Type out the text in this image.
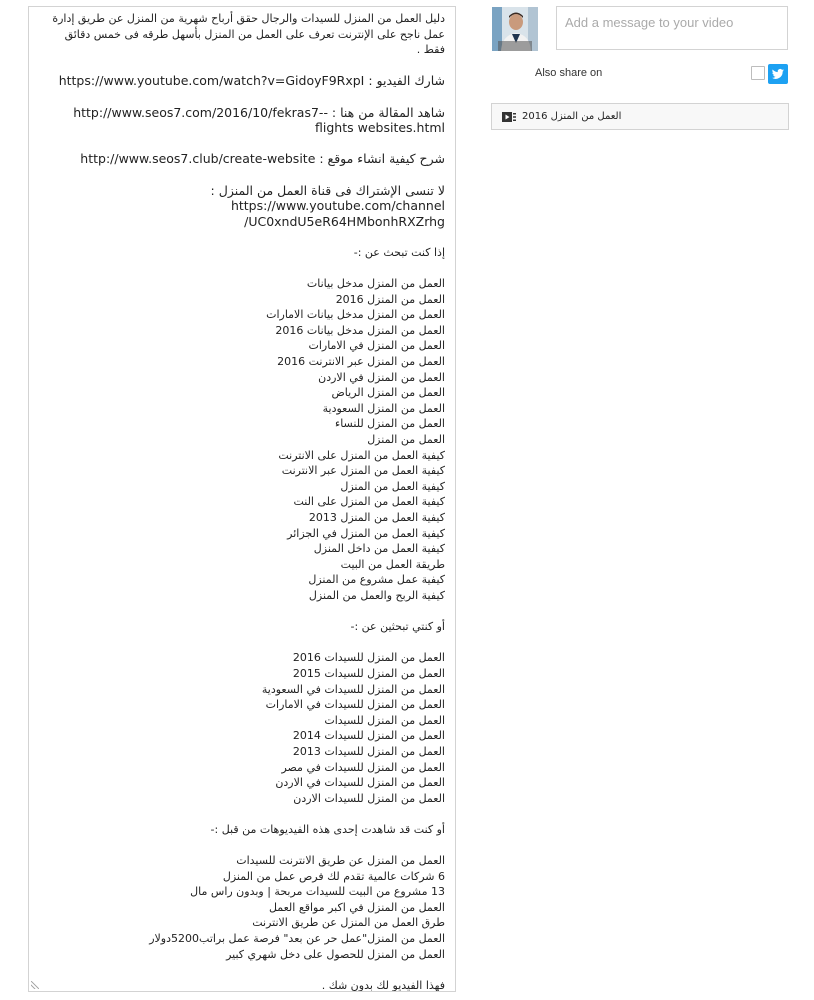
دليل العمل من المنزل للسيدات والرجال حقق أرباح شهرية من المنزل عن طريق إدارة عمل ناجح على الإنترنت تعرف على العمل من المنزل بأسهل طرقه فى خمس دقائق فقط .
شارك الفيديو : https://www.youtube.com/watch?v=GidoyF9RxpI
شاهد المقالة من هنا : -http://www.seos7.com/2016/10/fekras7-flights websites.html
شرح كيفية انشاء موقع : http://www.seos7.club/create-website
لا تنسى الإشتراك فى قناة العمل من المنزل : https://www.youtube.com/channel /UC0xndU5eR64HMbonhRXZrhg
إذا كنت تبحث عن :-
العمل من المنزل مدخل بيانات
العمل من المنزل 2016
العمل من المنزل مدخل بيانات الامارات
العمل من المنزل مدخل بيانات 2016
العمل من المنزل في الامارات
العمل من المنزل عبر الانترنت 2016
العمل من المنزل في الاردن
العمل من المنزل الرياض
العمل من المنزل السعودية
العمل من المنزل للنساء
العمل من المنزل
كيفية العمل من المنزل على الانترنت
كيفية العمل من المنزل عبر الانترنت
كيفية العمل من المنزل
كيفية العمل من المنزل على النت
كيفية العمل من المنزل 2013
كيفية العمل من المنزل في الجزائر
كيفية العمل من داخل المنزل
طريقة العمل من البيت
كيفية عمل مشروع من المنزل
كيفية الربح والعمل من المنزل
أو كنتي تبحثين عن :-
العمل من المنزل للسيدات 2016
العمل من المنزل للسيدات 2015
العمل من المنزل للسيدات في السعودية
العمل من المنزل للسيدات في الامارات
العمل من المنزل للسيدات
العمل من المنزل للسيدات 2014
العمل من المنزل للسيدات 2013
العمل من المنزل للسيدات في مصر
العمل من المنزل للسيدات في الاردن
العمل من المنزل للسيدات الاردن
أو كنت قد شاهدت إحدى هذه الفيديوهات من قبل :-
العمل من المنزل عن طريق الانترنت للسيدات
6 شركات عالمية تقدم لك فرص عمل من المنزل
13 مشروع من البيت للسيدات مربحة | وبدون راس مال
العمل من المنزل في اكبر مواقع العمل
طرق العمل من المنزل عن طريق الانترنت
العمل من المنزل"عمل حر عن بعد" فرصة عمل براتب5200دولار
العمل من المنزل للحصول على دخل شهري كبير
فهذا الفيديو لك بدون شك .
Add a message to your video
Also share on
العمل من المنزل 2016
